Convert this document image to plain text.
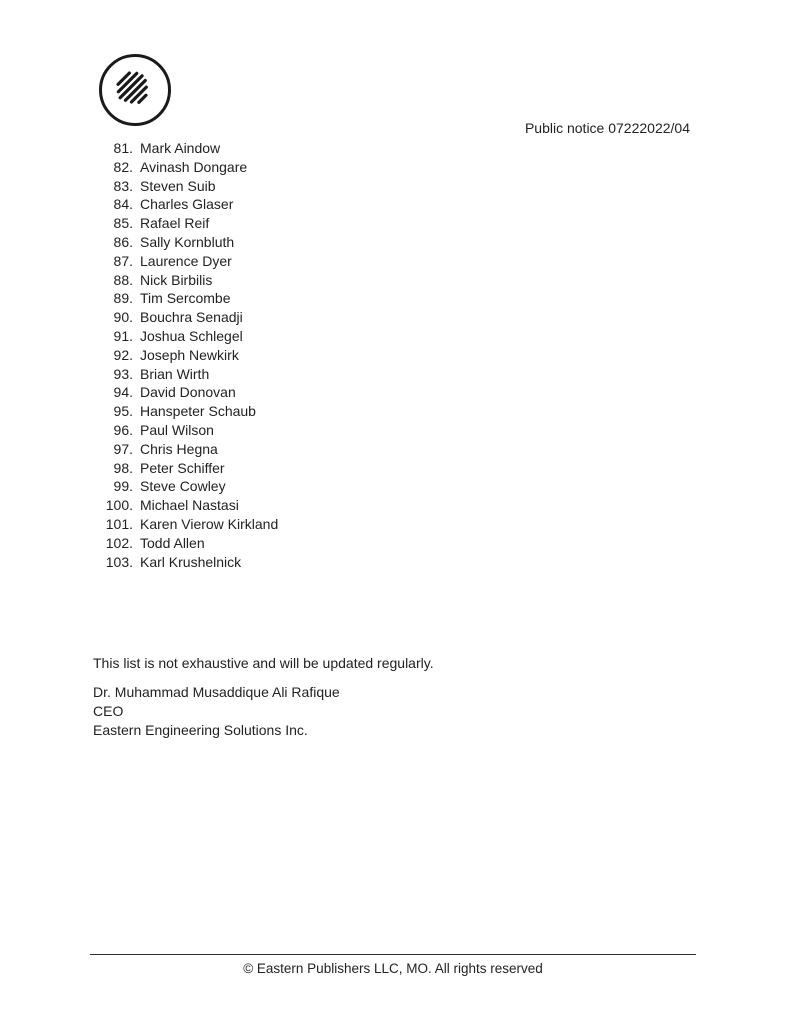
Public notice 07222022/04
81. Mark Aindow
82. Avinash Dongare
83. Steven Suib
84. Charles Glaser
85. Rafael Reif
86. Sally Kornbluth
87. Laurence Dyer
88. Nick Birbilis
89. Tim Sercombe
90. Bouchra Senadji
91. Joshua Schlegel
92. Joseph Newkirk
93. Brian Wirth
94. David Donovan
95. Hanspeter Schaub
96. Paul Wilson
97. Chris Hegna
98. Peter Schiffer
99. Steve Cowley
100. Michael Nastasi
101. Karen Vierow Kirkland
102. Todd Allen
103. Karl Krushelnick
This list is not exhaustive and will be updated regularly.
Dr. Muhammad Musaddique Ali Rafique
CEO
Eastern Engineering Solutions Inc.
© Eastern Publishers LLC, MO. All rights reserved
